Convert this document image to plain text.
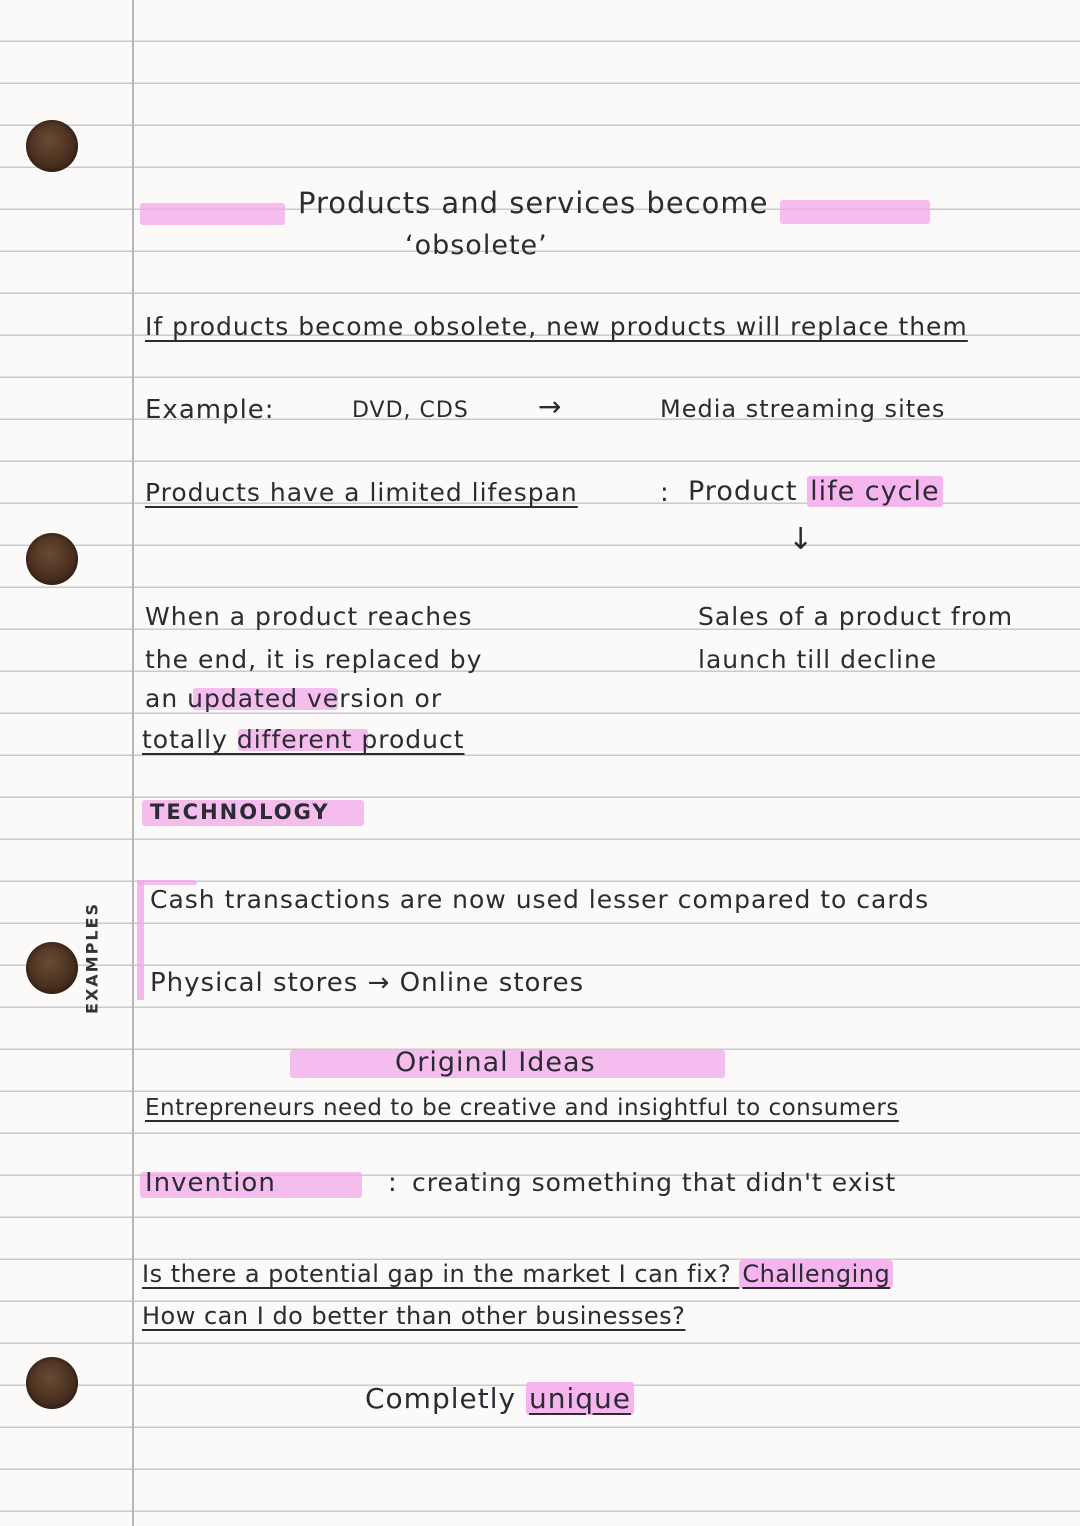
Products and services become
‘obsolete’
If products become obsolete, new products will replace them
Example:	DVD, CDS →	Media streaming sites
Products have a limited lifespan	: Product life cycle
↓
When a product reaches
the end, it is replaced by
an updated version or
totally different product
Sales of a product from
launch till decline
TECHNOLOGY
EXAMPLES
Cash transactions are now used lesser compared to cards
Physical stores → Online stores
Original Ideas
Entrepreneurs need to be creative and insightful to consumers
Invention	: creating something that didn't exist
Is there a potential gap in the market I can fix? Challenging
How can I do better than other businesses?
Completly unique
